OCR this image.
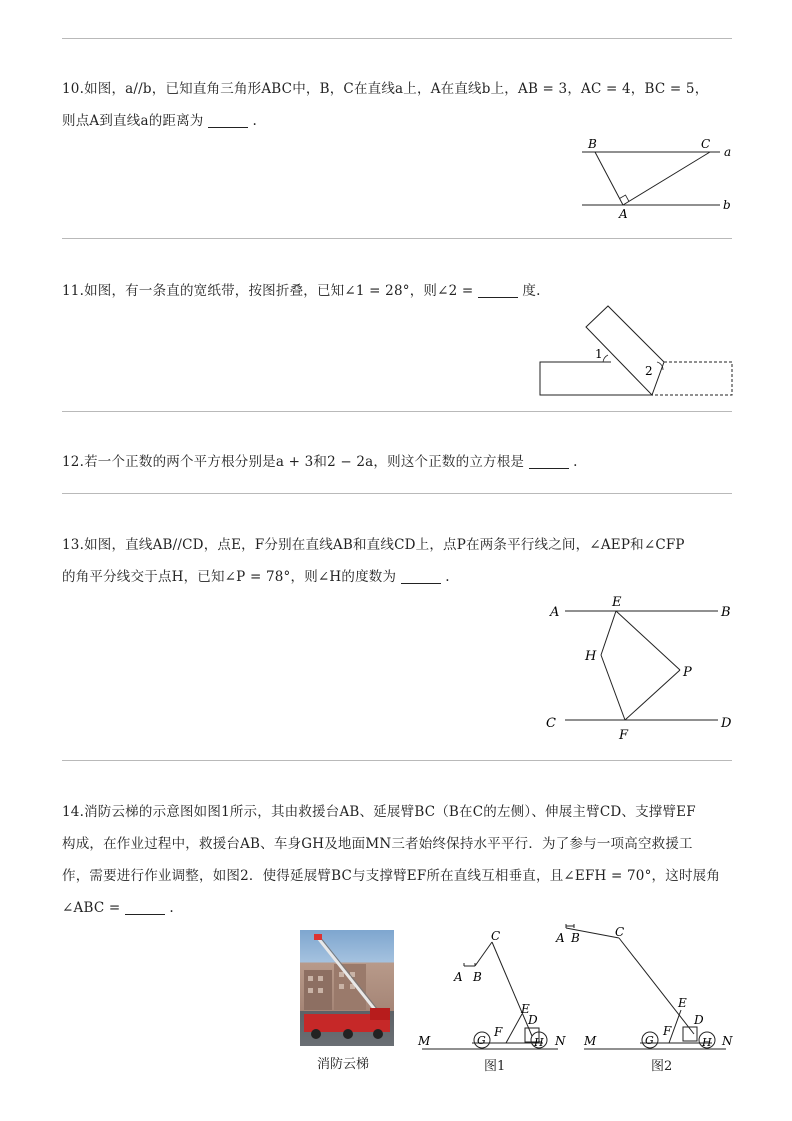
10.如图，a//b，已知直角三角形ABC中，B，C在直线a上，A在直线b上，AB = 3，AC = 4，BC = 5，
则点A到直线a的距离为	.
B	C
a
A
b
11.如图，有一条直的宽纸带，按图折叠，已知∠1 = 28°，则∠2 =	度.
1
2
12.若一个正数的两个平方根分别是a + 3和2 − 2a，则这个正数的立方根是	.
13.如图，直线AB//CD，点E，F分别在直线AB和直线CD上，点P在两条平行线之间，∠AEP和∠CFP
的角平分线交于点H，已知∠P = 78°，则∠H的度数为	.
A
E
B
H
P
C
F
D
14.消防云梯的示意图如图1所示，其由救援台AB、延展臂BC（B在C的左侧）、伸展主臂CD、支撑臂EF
构成，在作业过程中，救援台AB、车身GH及地面MN三者始终保持水平平行．为了参与一项高空救援工
作，需要进行作业调整，如图2．使得延展臂BC与支撑臂EF所在直线互相垂直，且∠EFH = 70°，这时展角
∠ABC =	.
消防云梯
C
A B
E
D
F
G	H
M	N
图1
A B	C
E
D
F
G	H
M	N
图2
